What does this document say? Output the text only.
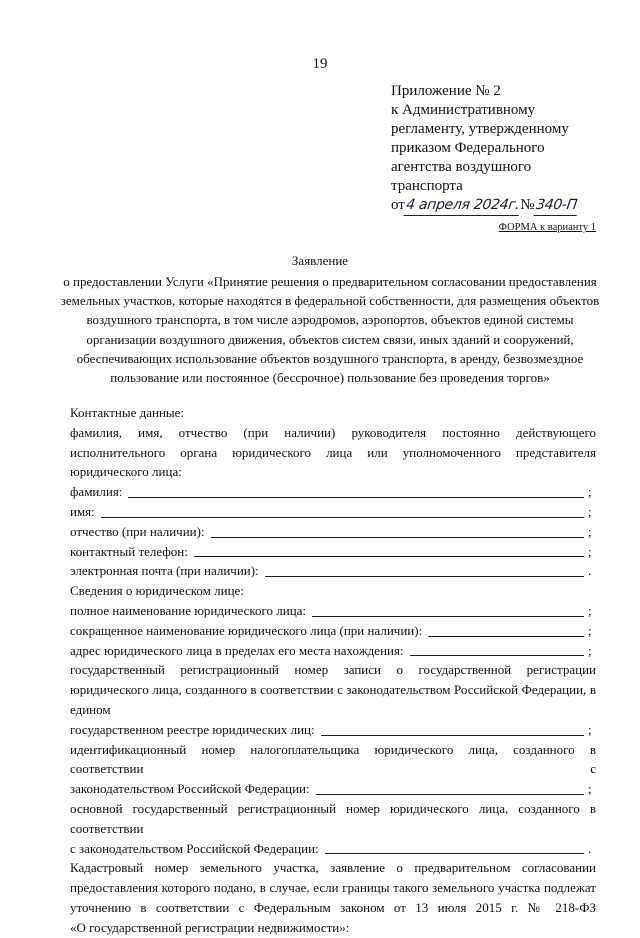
19
Приложение № 2
к Административному
регламенту, утвержденному
приказом Федерального
агентства воздушного
транспорта
от 4 апреля 2024г. № 340-П
ФОРМА к варианту 1
Заявление
о предоставлении Услуги «Принятие решения о предварительном согласовании предоставления земельных участков, которые находятся в федеральной собственности, для размещения объектов воздушного транспорта, в том числе аэродромов, аэропортов, объектов единой системы организации воздушного движения, объектов систем связи, иных зданий и сооружений, обеспечивающих использование объектов воздушного транспорта, в аренду, безвозмездное пользование или постоянное (бессрочное) пользование без проведения торгов»

Контактные данные:

фамилия, имя, отчество (при наличии) руководителя постоянно действующего исполнительного органа юридического лица или уполномоченного представителя юридического лица:

фамилия:	;
имя:	;
отчество (при наличии):	;
контактный телефон:	;
электронная почта (при наличии):	.

Сведения о юридическом лице:

полное наименование юридического лица:	;
сокращенное наименование юридического лица (при наличии):	;
адрес юридического лица в пределах его места нахождения:	;

государственный регистрационный номер записи о государственной регистрации юридического лица, созданного в соответствии с законодательством Российской Федерации, в едином

государственном реестре юридических лиц:	;

идентификационный номер налогоплательщика юридического лица, созданного в соответствии с

законодательством Российской Федерации:	;

основной государственный регистрационный номер юридического лица, созданного в соответствии

с законодательством Российской Федерации:	.

Кадастровый номер земельного участка, заявление о предварительном согласовании предоставления которого подано, в случае, если границы такого земельного участка подлежат уточнению в соответствии с Федеральным законом от 13 июля 2015 г. № 218-ФЗ

«О государственной регистрации недвижимости»:
